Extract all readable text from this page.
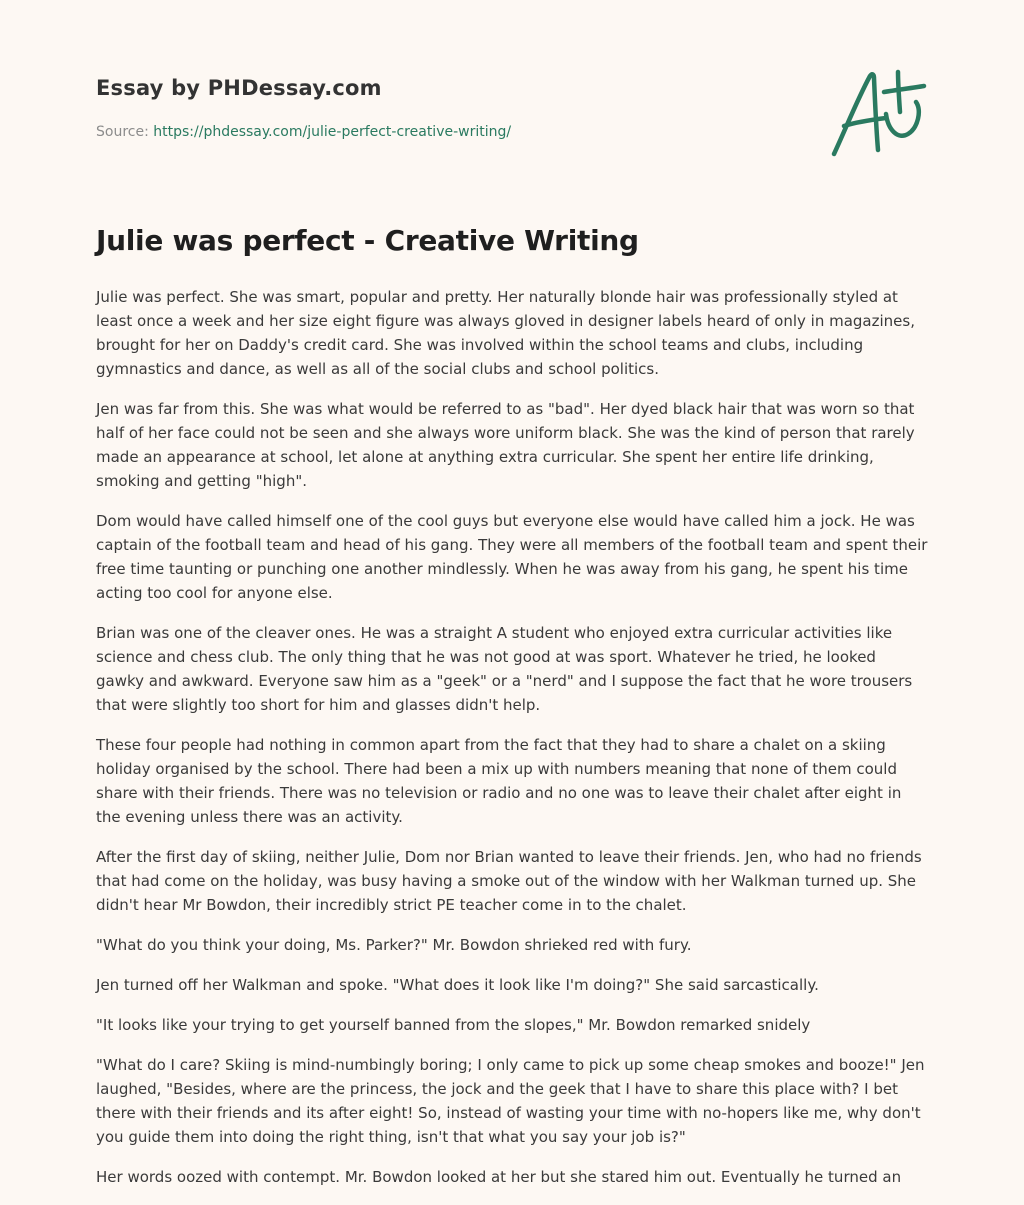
Essay by PHDessay.com
Source: https://phdessay.com/julie-perfect-creative-writing/
Julie was perfect - Creative Writing

Julie was perfect. She was smart, popular and pretty. Her naturally blonde hair was professionally styled at least once a week and her size eight figure was always gloved in designer labels heard of only in magazines, brought for her on Daddy's credit card. She was involved within the school teams and clubs, including gymnastics and dance, as well as all of the social clubs and school politics.

Jen was far from this. She was what would be referred to as "bad". Her dyed black hair that was worn so that half of her face could not be seen and she always wore uniform black. She was the kind of person that rarely made an appearance at school, let alone at anything extra curricular. She spent her entire life drinking, smoking and getting "high".

Dom would have called himself one of the cool guys but everyone else would have called him a jock. He was captain of the football team and head of his gang. They were all members of the football team and spent their free time taunting or punching one another mindlessly. When he was away from his gang, he spent his time acting too cool for anyone else.

Brian was one of the cleaver ones. He was a straight A student who enjoyed extra curricular activities like science and chess club. The only thing that he was not good at was sport. Whatever he tried, he looked gawky and awkward. Everyone saw him as a "geek" or a "nerd" and I suppose the fact that he wore trousers that were slightly too short for him and glasses didn't help.

These four people had nothing in common apart from the fact that they had to share a chalet on a skiing holiday organised by the school. There had been a mix up with numbers meaning that none of them could share with their friends. There was no television or radio and no one was to leave their chalet after eight in the evening unless there was an activity.

After the first day of skiing, neither Julie, Dom nor Brian wanted to leave their friends. Jen, who had no friends that had come on the holiday, was busy having a smoke out of the window with her Walkman turned up. She didn't hear Mr Bowdon, their incredibly strict PE teacher come in to the chalet.

"What do you think your doing, Ms. Parker?" Mr. Bowdon shrieked red with fury.

Jen turned off her Walkman and spoke. "What does it look like I'm doing?" She said sarcastically.

"It looks like your trying to get yourself banned from the slopes," Mr. Bowdon remarked snidely

"What do I care? Skiing is mind-numbingly boring; I only came to pick up some cheap smokes and booze!" Jen laughed, "Besides, where are the princess, the jock and the geek that I have to share this place with? I bet there with their friends and its after eight! So, instead of wasting your time with no-hopers like me, why don't you guide them into doing the right thing, isn't that what you say your job is?"

Her words oozed with contempt. Mr. Bowdon looked at her but she stared him out. Eventually he turned an
